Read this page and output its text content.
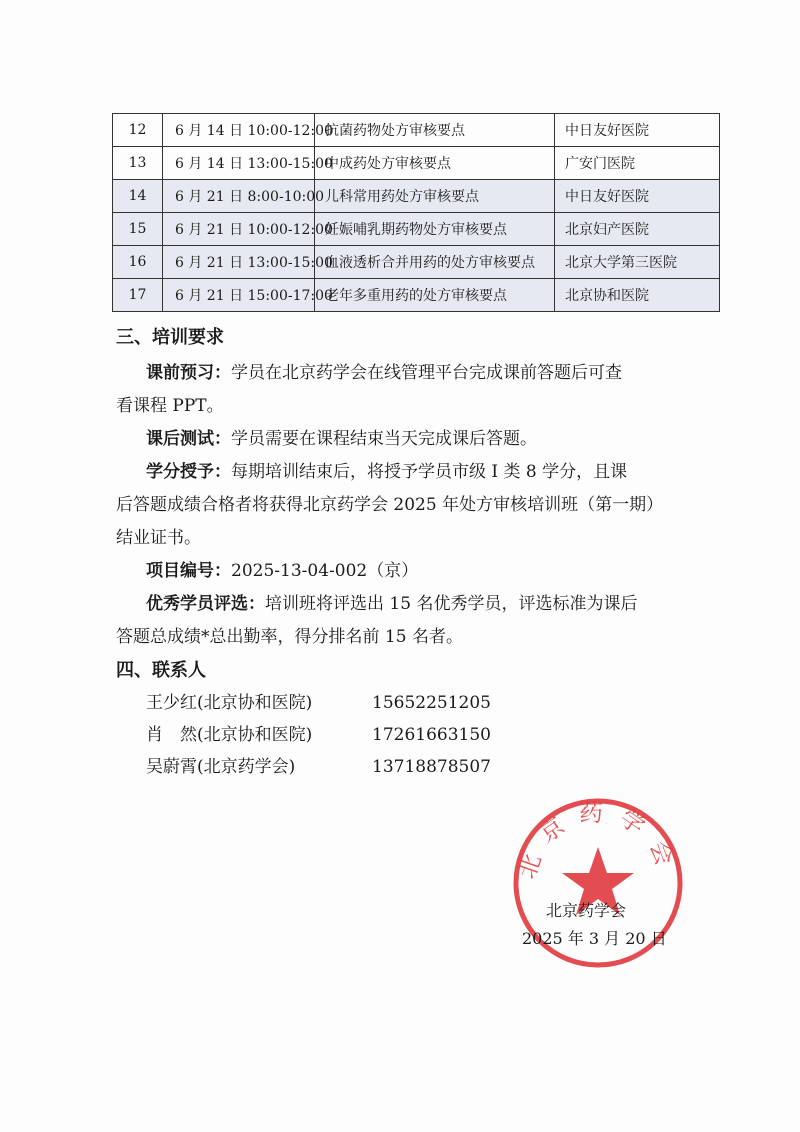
12	6 月 14 日 10:00-12:00	抗菌药物处方审核要点	中日友好医院
13	6 月 14 日 13:00-15:00	中成药处方审核要点	广安门医院
14	6 月 21 日 8:00-10:00	儿科常用药处方审核要点	中日友好医院
15	6 月 21 日 10:00-12:00	妊娠哺乳期药物处方审核要点	北京妇产医院
16	6 月 21 日 13:00-15:00	血液透析合并用药的处方审核要点	北京大学第三医院
17	6 月 21 日 15:00-17:00	老年多重用药的处方审核要点	北京协和医院
三、培训要求
课前预习：学员在北京药学会在线管理平台完成课前答题后可查
看课程 PPT。
课后测试：学员需要在课程结束当天完成课后答题。
学分授予：每期培训结束后，将授予学员市级 I 类 8 学分，且课
后答题成绩合格者将获得北京药学会 2025 年处方审核培训班（第一期）
结业证书。
项目编号：2025-13-04-002（京）
优秀学员评选：培训班将评选出 15 名优秀学员，评选标准为课后
答题总成绩*总出勤率，得分排名前 15 名者。
四、联系人
王少红(北京协和医院)	15652251205
肖　然(北京协和医院)	17261663150
吴蔚霄(北京药学会)	13718878507
北京药学会
北京药学会
2025 年 3 月 20 日
